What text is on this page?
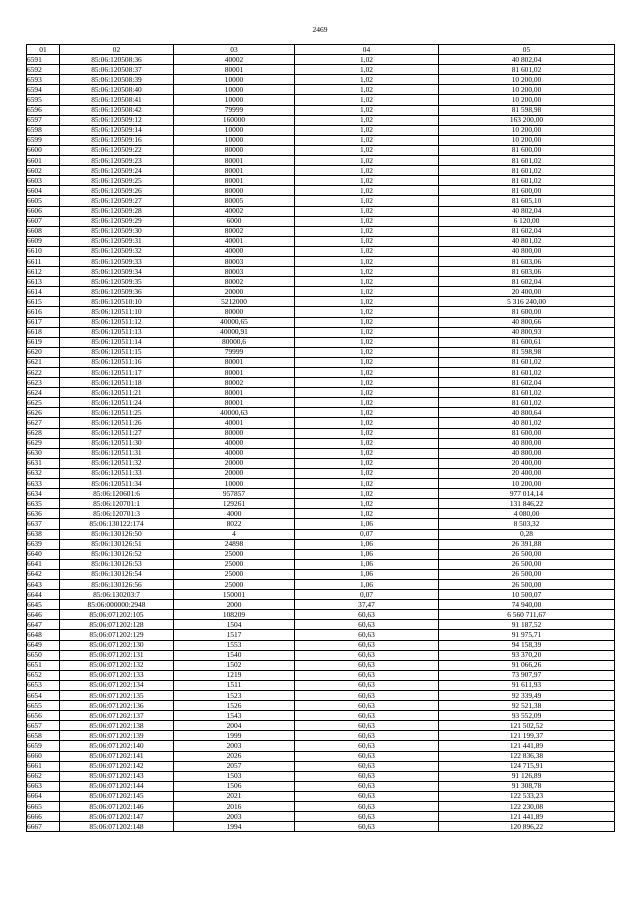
2469
01	02	03	04	05
6591	85:06:120508:36	40002	1,02	40 802,04
6592	85:06:120508:37	80001	1,02	81 601,02
6593	85:06:120508:39	10000	1,02	10 200,00
6594	85:06:120508:40	10000	1,02	10 200,00
6595	85:06:120508:41	10000	1,02	10 200,00
6596	85:06:120508:42	79999	1,02	81 598,98
6597	85:06:120509:12	160000	1,02	163 200,00
6598	85:06:120509:14	10000	1,02	10 200,00
6599	85:06:120509:16	10000	1,02	10 200,00
6600	85:06:120509:22	80000	1,02	81 600,00
6601	85:06:120509:23	80001	1,02	81 601,02
6602	85:06:120509:24	80001	1,02	81 601,02
6603	85:06:120509:25	80001	1,02	81 601,02
6604	85:06:120509:26	80000	1,02	81 600,00
6605	85:06:120509:27	80005	1,02	81 605,10
6606	85:06:120509:28	40002	1,02	40 802,04
6607	85:06:120509:29	6000	1,02	6 120,00
6608	85:06:120509:30	80002	1,02	81 602,04
6609	85:06:120509:31	40001	1,02	40 801,02
6610	85:06:120509:32	40000	1,02	40 800,00
6611	85:06:120509:33	80003	1,02	81 603,06
6612	85:06:120509:34	80003	1,02	81 603,06
6613	85:06:120509:35	80002	1,02	81 602,04
6614	85:06:120509:36	20000	1,02	20 400,00
6615	85:06:120510:10	5212000	1,02	5 316 240,00
6616	85:06:120511:10	80000	1,02	81 600,00
6617	85:06:120511:12	40000,65	1,02	40 800,66
6618	85:06:120511:13	40000,91	1,02	40 800,93
6619	85:06:120511:14	80000,6	1,02	81 600,61
6620	85:06:120511:15	79999	1,02	81 598,98
6621	85:06:120511:16	80001	1,02	81 601,02
6622	85:06:120511:17	80001	1,02	81 601,02
6623	85:06:120511:18	80002	1,02	81 602,04
6624	85:06:120511:21	80001	1,02	81 601,02
6625	85:06:120511:24	80001	1,02	81 601,02
6626	85:06:120511:25	40000,63	1,02	40 800,64
6627	85:06:120511:26	40001	1,02	40 801,02
6628	85:06:120511:27	80000	1,02	81 600,00
6629	85:06:120511:30	40000	1,02	40 800,00
6630	85:06:120511:31	40000	1,02	40 800,00
6631	85:06:120511:32	20000	1,02	20 400,00
6632	85:06:120511:33	20000	1,02	20 400,00
6633	85:06:120511:34	10000	1,02	10 200,00
6634	85:06:120601:6	957857	1,02	977 014,14
6635	85:06:120701:1	129261	1,02	131 846,22
6636	85:06:120701:3	4000	1,02	4 080,00
6637	85:06:130122:174	8022	1,06	8 503,32
6638	85:06:130126:50	4	0,07	0,28
6639	85:06:130126:51	24898	1,06	26 391,88
6640	85:06:130126:52	25000	1,06	26 500,00
6641	85:06:130126:53	25000	1,06	26 500,00
6642	85:06:130126:54	25000	1,06	26 500,00
6643	85:06:130126:56	25000	1,06	26 500,00
6644	85:06:130203:7	150001	0,07	10 500,07
6645	85:06:000000:2948	2000	37,47	74 940,00
6646	85:06:071202:105	108209	60,63	6 560 711,67
6647	85:06:071202:128	1504	60,63	91 187,52
6648	85:06:071202:129	1517	60,63	91 975,71
6649	85:06:071202:130	1553	60,63	94 158,39
6650	85:06:071202:131	1540	60,63	93 370,20
6651	85:06:071202:132	1502	60,63	91 066,26
6652	85:06:071202:133	1219	60,63	73 907,97
6653	85:06:071202:134	1511	60,63	91 611,93
6654	85:06:071202:135	1523	60,63	92 339,49
6655	85:06:071202:136	1526	60,63	92 521,38
6656	85:06:071202:137	1543	60,63	93 552,09
6657	85:06:071202:138	2004	60,63	121 502,52
6658	85:06:071202:139	1999	60,63	121 199,37
6659	85:06:071202:140	2003	60,63	121 441,89
6660	85:06:071202:141	2026	60,63	122 836,38
6661	85:06:071202:142	2057	60,63	124 715,91
6662	85:06:071202:143	1503	60,63	91 126,89
6663	85:06:071202:144	1506	60,63	91 308,78
6664	85:06:071202:145	2021	60,63	122 533,23
6665	85:06:071202:146	2016	60,63	122 230,08
6666	85:06:071202:147	2003	60,63	121 441,89
6667	85:06:071202:148	1994	60,63	120 896,22
